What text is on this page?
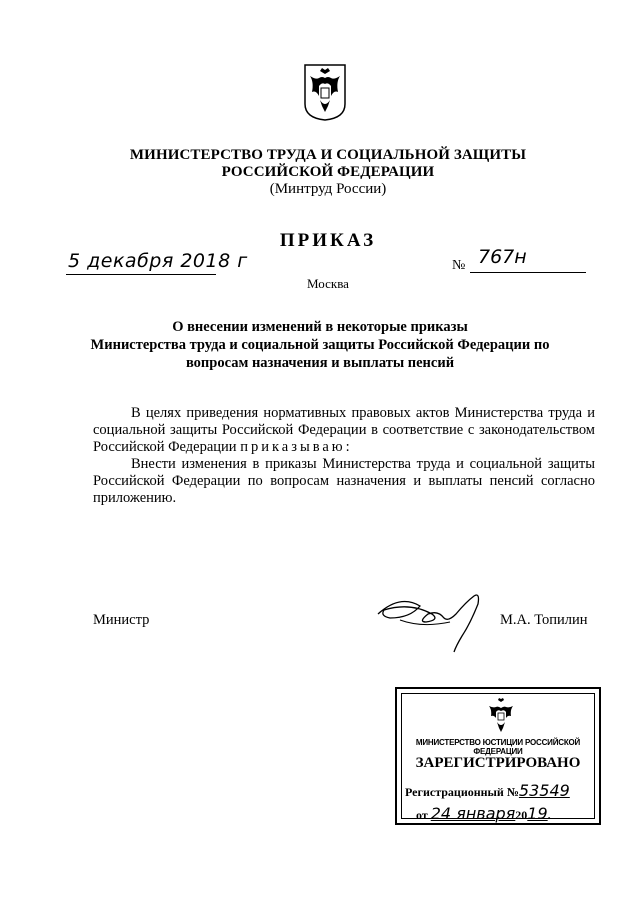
МИНИСТЕРСТВО ТРУДА И СОЦИАЛЬНОЙ ЗАЩИТЫ
РОССИЙСКОЙ ФЕДЕРАЦИИ
(Минтруд России)
ПРИКАЗ
5 декабря 2018 г	№ 767н
Москва
О внесении изменений в некоторые приказы
Министерства труда и социальной защиты Российской Федерации по
вопросам назначения и выплаты пенсий

В целях приведения нормативных правовых актов Министерства труда и социальной защиты Российской Федерации в соответствие с законодательством Российской Федерации приказываю:

Внести изменения в приказы Министерства труда и социальной защиты Российской Федерации по вопросам назначения и выплаты пенсий согласно приложению.

Министр	М.А. Топилин
МИНИСТЕРСТВО ЮСТИЦИИ РОССИЙСКОЙ ФЕДЕРАЦИИ
ЗАРЕГИСТРИРОВАНО
Регистрационный №53549
от 24 января2019.
